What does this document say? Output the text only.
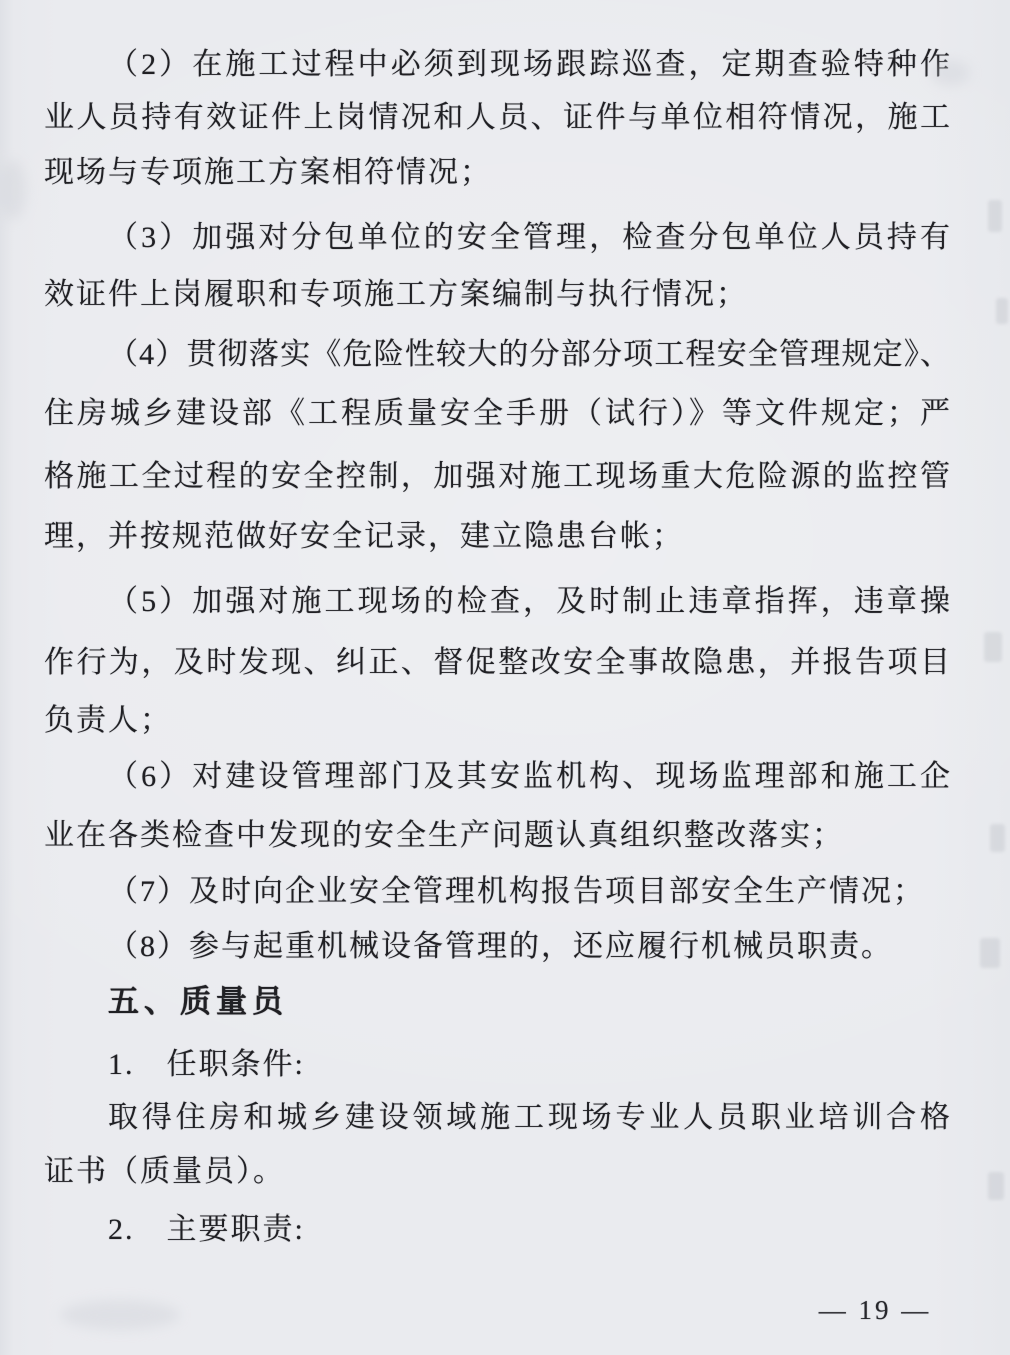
（2）在施工过程中必须到现场跟踪巡查，定期查验特种作
业人员持有效证件上岗情况和人员、证件与单位相符情况，施工
现场与专项施工方案相符情况；
（3）加强对分包单位的安全管理，检查分包单位人员持有
效证件上岗履职和专项施工方案编制与执行情况；
（4）贯彻落实《危险性较大的分部分项工程安全管理规定》、
住房城乡建设部《工程质量安全手册（试行）》等文件规定；严
格施工全过程的安全控制，加强对施工现场重大危险源的监控管
理，并按规范做好安全记录，建立隐患台帐；
（5）加强对施工现场的检查，及时制止违章指挥，违章操
作行为，及时发现、纠正、督促整改安全事故隐患，并报告项目
负责人；
（6）对建设管理部门及其安监机构、现场监理部和施工企
业在各类检查中发现的安全生产问题认真组织整改落实；
（7）及时向企业安全管理机构报告项目部安全生产情况；
（8）参与起重机械设备管理的，还应履行机械员职责。
五、质量员
1.　任职条件:
取得住房和城乡建设领域施工现场专业人员职业培训合格
证书（质量员）。
2.　主要职责:
— 19 —
